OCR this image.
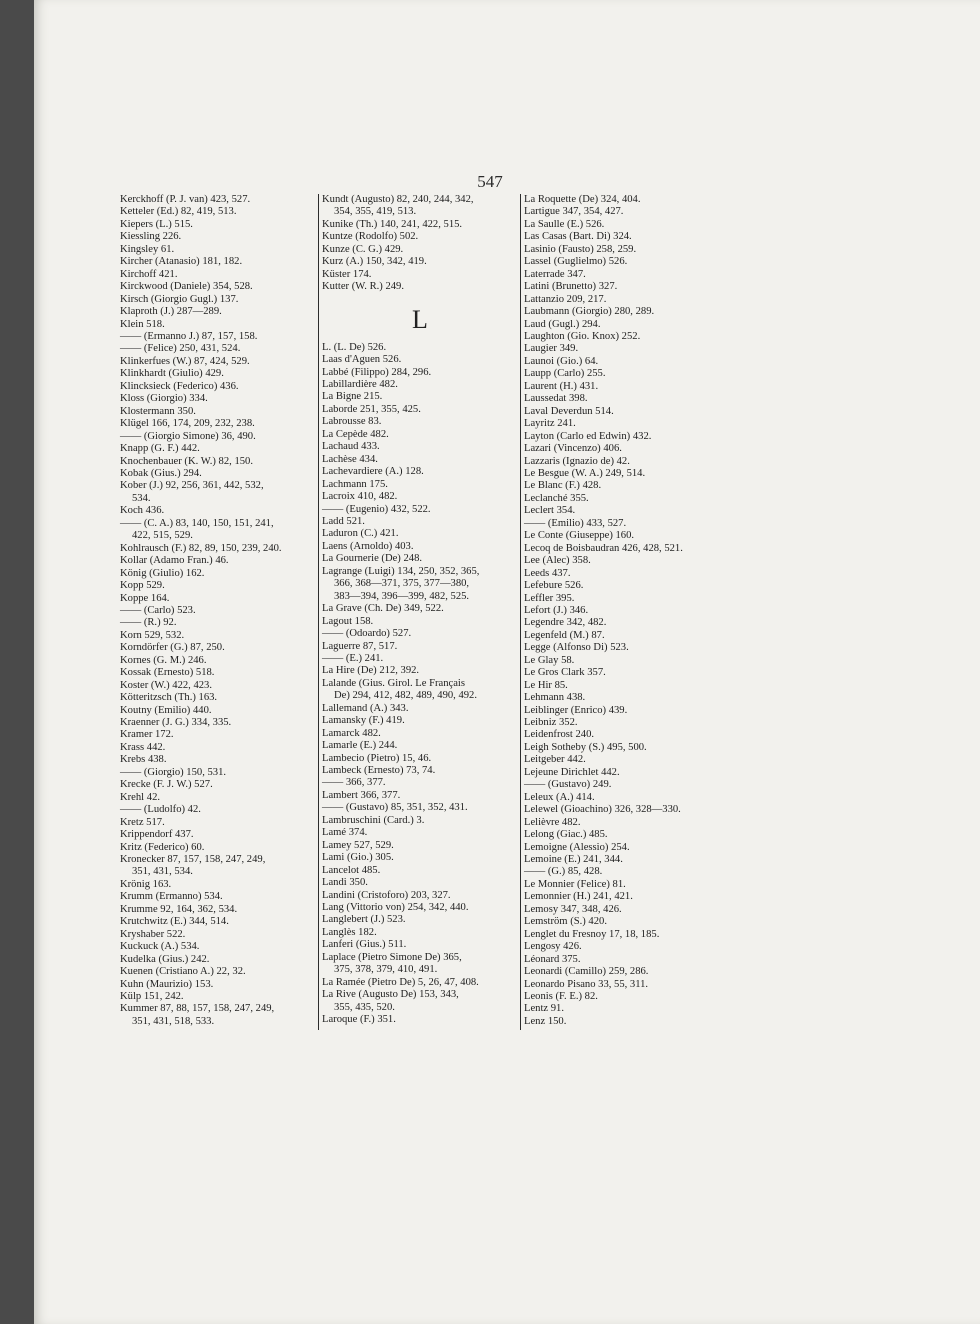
547
Kerckhoff (P. J. van) 423, 527.
Ketteler (Ed.) 82, 419, 513.
Kiepers (L.) 515.
Kiessling 226.
Kingsley 61.
Kircher (Atanasio) 181, 182.
Kirchoff 421.
Kirckwood (Daniele) 354, 528.
Kirsch (Giorgio Gugl.) 137.
Klaproth (J.) 287—289.
Klein 518.
—— (Ermanno J.) 87, 157, 158.
—— (Felice) 250, 431, 524.
Klinkerfues (W.) 87, 424, 529.
Klinkhardt (Giulio) 429.
Klincksieck (Federico) 436.
Kloss (Giorgio) 334.
Klostermann 350.
Klügel 166, 174, 209, 232, 238.
—— (Giorgio Simone) 36, 490.
Knapp (G. F.) 442.
Knochenbauer (K. W.) 82, 150.
Kobak (Gius.) 294.
Kober (J.) 92, 256, 361, 442, 532,
534.
Koch 436.
—— (C. A.) 83, 140, 150, 151, 241,
422, 515, 529.
Kohlrausch (F.) 82, 89, 150, 239, 240.
Kollar (Adamo Fran.) 46.
König (Giulio) 162.
Kopp 529.
Koppe 164.
—— (Carlo) 523.
—— (R.) 92.
Korn 529, 532.
Korndörfer (G.) 87, 250.
Kornes (G. M.) 246.
Kossak (Ernesto) 518.
Koster (W.) 422, 423.
Kötteritzsch (Th.) 163.
Koutny (Emilio) 440.
Kraenner (J. G.) 334, 335.
Kramer 172.
Krass 442.
Krebs 438.
—— (Giorgio) 150, 531.
Krecke (F. J. W.) 527.
Krehl 42.
—— (Ludolfo) 42.
Kretz 517.
Krippendorf 437.
Kritz (Federico) 60.
Kronecker 87, 157, 158, 247, 249,
351, 431, 534.
Krönig 163.
Krumm (Ermanno) 534.
Krumme 92, 164, 362, 534.
Krutchwitz (E.) 344, 514.
Kryshaber 522.
Kuckuck (A.) 534.
Kudelka (Gius.) 242.
Kuenen (Cristiano A.) 22, 32.
Kuhn (Maurizio) 153.
Külp 151, 242.
Kummer 87, 88, 157, 158, 247, 249,
351, 431, 518, 533.
Kundt (Augusto) 82, 240, 244, 342,
354, 355, 419, 513.
Kunike (Th.) 140, 241, 422, 515.
Kuntze (Rodolfo) 502.
Kunze (C. G.) 429.
Kurz (A.) 150, 342, 419.
Küster 174.
Kutter (W. R.) 249.
L
L. (L. De) 526.
Laas d'Aguen 526.
Labbé (Filippo) 284, 296.
Labillardière 482.
La Bigne 215.
Laborde 251, 355, 425.
Labrousse 83.
La Cepède 482.
Lachaud 433.
Lachèse 434.
Lachevardiere (A.) 128.
Lachmann 175.
Lacroix 410, 482.
—— (Eugenio) 432, 522.
Ladd 521.
Laduron (C.) 421.
Laens (Arnoldo) 403.
La Gournerie (De) 248.
Lagrange (Luigi) 134, 250, 352, 365,
366, 368—371, 375, 377—380,
383—394, 396—399, 482, 525.
La Grave (Ch. De) 349, 522.
Lagout 158.
—— (Odoardo) 527.
Laguerre 87, 517.
—— (E.) 241.
La Hire (De) 212, 392.
Lalande (Gius. Girol. Le Français
De) 294, 412, 482, 489, 490, 492.
Lallemand (A.) 343.
Lamansky (F.) 419.
Lamarck 482.
Lamarle (E.) 244.
Lambecio (Pietro) 15, 46.
Lambeck (Ernesto) 73, 74.
—— 366, 377.
Lambert 366, 377.
—— (Gustavo) 85, 351, 352, 431.
Lambruschini (Card.) 3.
Lamé 374.
Lamey 527, 529.
Lami (Gio.) 305.
Lancelot 485.
Landi 350.
Landini (Cristoforo) 203, 327.
Lang (Vittorio von) 254, 342, 440.
Langlebert (J.) 523.
Langlès 182.
Lanferi (Gius.) 511.
Laplace (Pietro Simone De) 365,
375, 378, 379, 410, 491.
La Ramée (Pietro De) 5, 26, 47, 408.
La Rive (Augusto De) 153, 343,
355, 435, 520.
Laroque (F.) 351.
La Roquette (De) 324, 404.
Lartigue 347, 354, 427.
La Saulle (E.) 526.
Las Casas (Bart. Di) 324.
Lasinio (Fausto) 258, 259.
Lassel (Guglielmo) 526.
Laterrade 347.
Latini (Brunetto) 327.
Lattanzio 209, 217.
Laubmann (Giorgio) 280, 289.
Laud (Gugl.) 294.
Laughton (Gio. Knox) 252.
Laugier 349.
Launoi (Gio.) 64.
Laupp (Carlo) 255.
Laurent (H.) 431.
Laussedat 398.
Laval Deverdun 514.
Layritz 241.
Layton (Carlo ed Edwin) 432.
Lazari (Vincenzo) 406.
Lazzaris (Ignazio de) 42.
Le Besgue (W. A.) 249, 514.
Le Blanc (F.) 428.
Leclanché 355.
Leclert 354.
—— (Emilio) 433, 527.
Le Conte (Giuseppe) 160.
Lecoq de Boisbaudran 426, 428, 521.
Lee (Alec) 358.
Leeds 437.
Lefebure 526.
Leffler 395.
Lefort (J.) 346.
Legendre 342, 482.
Legenfeld (M.) 87.
Legge (Alfonso Di) 523.
Le Glay 58.
Le Gros Clark 357.
Le Hir 85.
Lehmann 438.
Leiblinger (Enrico) 439.
Leibniz 352.
Leidenfrost 240.
Leigh Sotheby (S.) 495, 500.
Leitgeber 442.
Lejeune Dirichlet 442.
—— (Gustavo) 249.
Leleux (A.) 414.
Lelewel (Gioachino) 326, 328—330.
Lelièvre 482.
Lelong (Giac.) 485.
Lemoigne (Alessio) 254.
Lemoine (E.) 241, 344.
—— (G.) 85, 428.
Le Monnier (Felice) 81.
Lemonnier (H.) 241, 421.
Lemosy 347, 348, 426.
Lemström (S.) 420.
Lenglet du Fresnoy 17, 18, 185.
Lengosy 426.
Léonard 375.
Leonardi (Camillo) 259, 286.
Leonardo Pisano 33, 55, 311.
Leonis (F. E.) 82.
Lentz 91.
Lenz 150.
